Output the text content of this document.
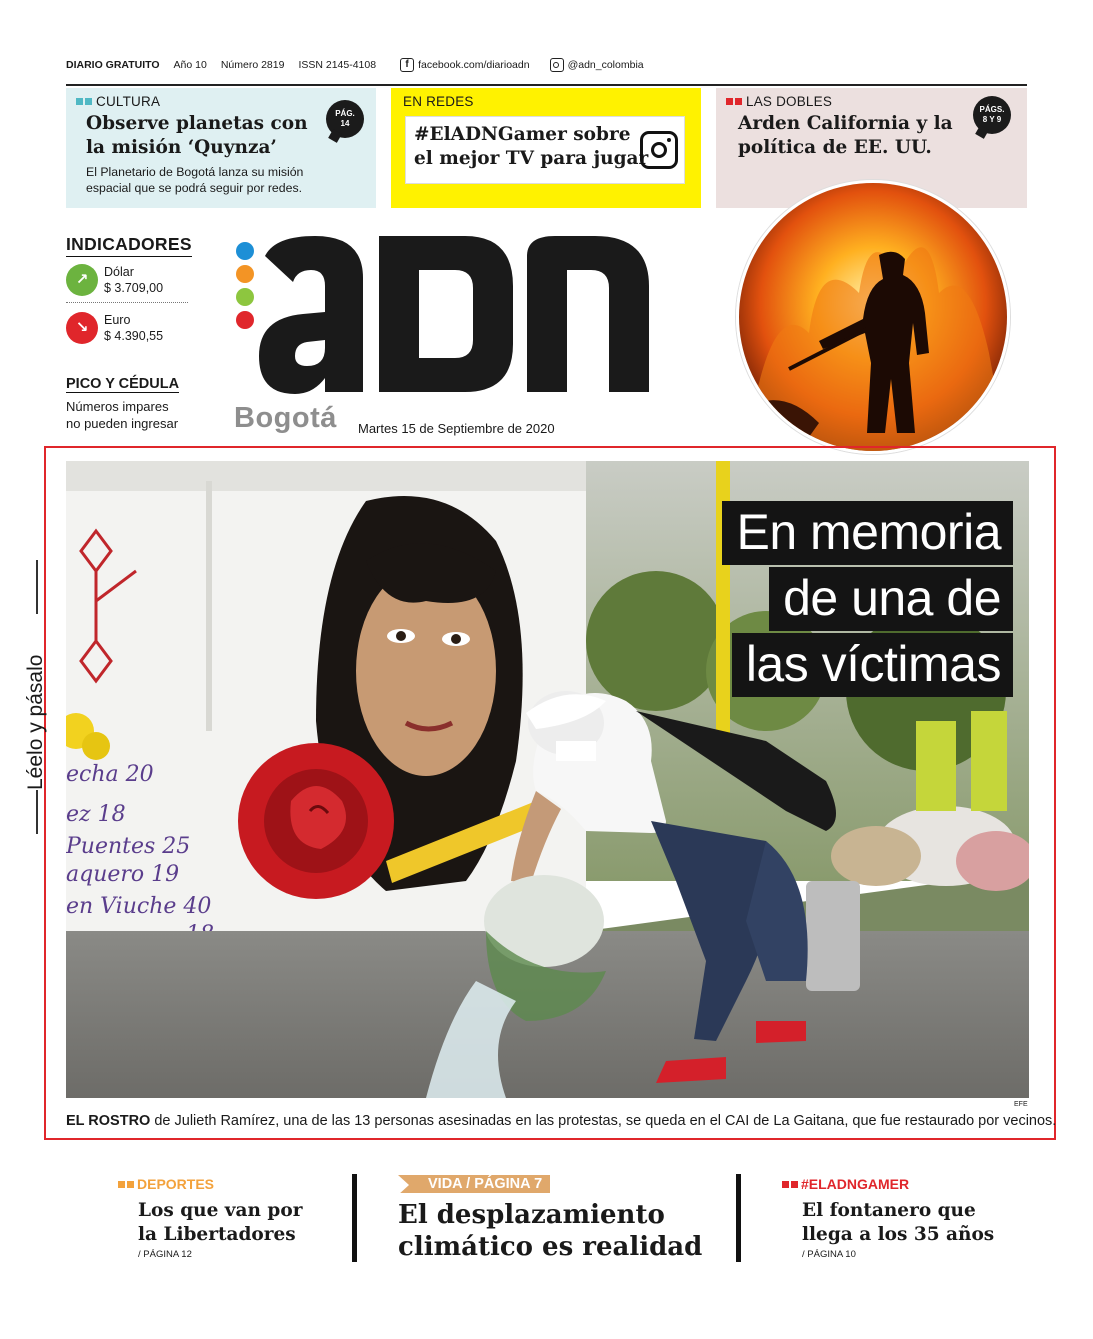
DIARIO GRATUITO Año 10 Número 2819 ISSN 2145-4108	f facebook.com/diarioadn	@adn_colombia
CULTURA
Observe planetas con
la misión ‘Quynza’

El Planetario de Bogotá lanza su misión
espacial que se podrá seguir por redes.

PÁG.
14
EN REDES
#ElADNGamer sobre
el mejor TV para jugar
LAS DOBLES
Arden California y la
política de EE. UU.
PÁGS.
8 Y 9
INDICADORES
↗	Dólar
$ 3.709,00
↘	Euro
$ 4.390,55
PICO Y CÉDULA
Números impares
no pueden ingresar Bogotá Martes 15 de Septiembre de 2020
Léelo y pásalo echa 20
ez 18
Puentes 25
aquero 19
en Viuche 40
En memoria
de una de
las víctimas
EFE
EL ROSTRO de Julieth Ramírez, una de las 13 personas asesinadas en las protestas, se queda en el CAI de La Gaitana, que fue restaurado por vecinos.
DEPORTES
Los que van por
la Libertadores
/ PÁGINA 12
VIDA / PÁGINA 7
El desplazamiento
climático es realidad
#ELADNGAMER
El fontanero que
llega a los 35 años
/ PÁGINA 10
